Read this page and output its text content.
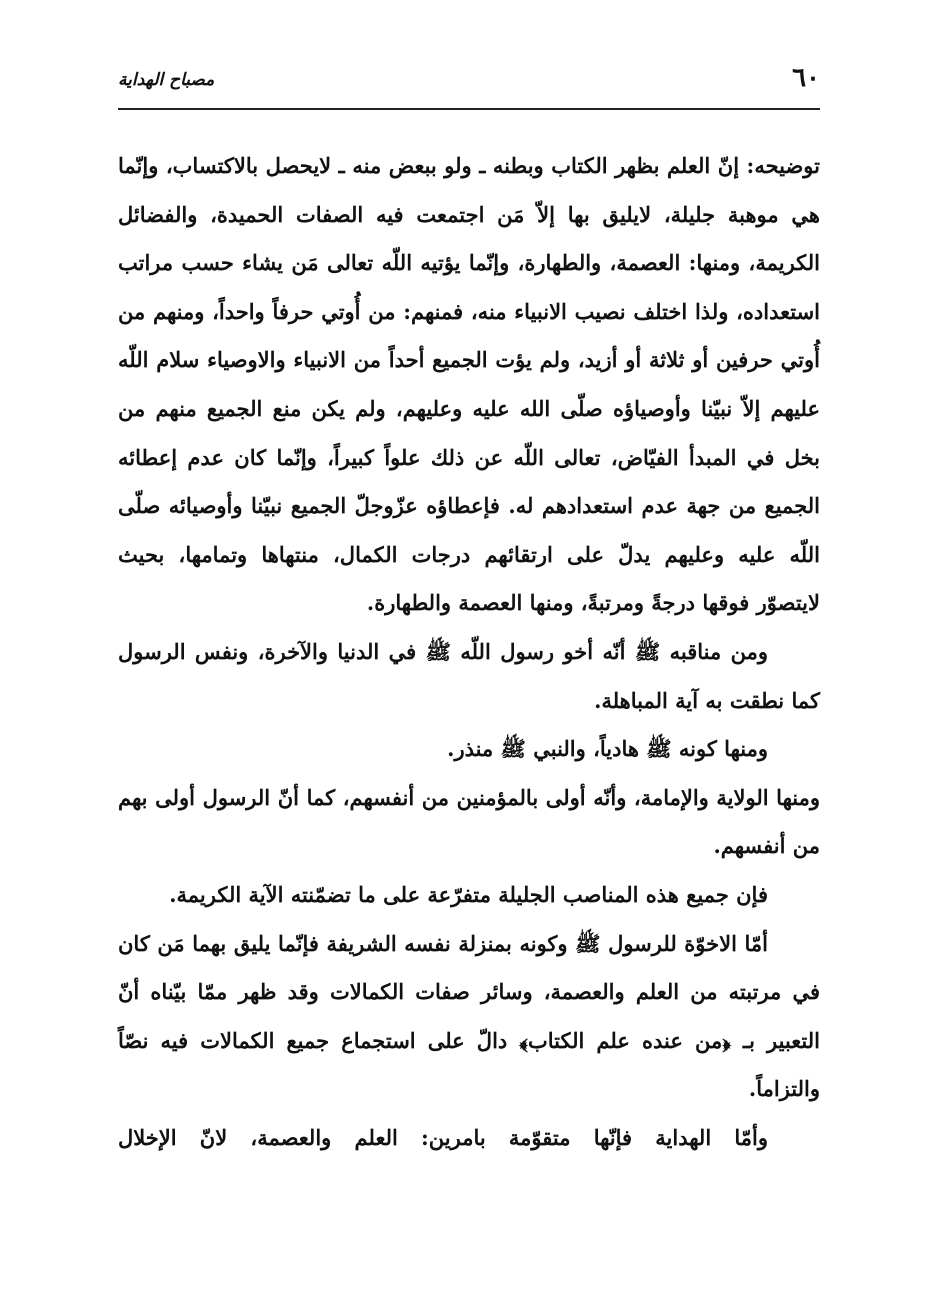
٦٠
مصباح الهداية

توضيحه: إنّ العلم بظهر الكتاب وبطنه ـ ولو ببعض منه ـ لايحصل بالاكتساب، وإنّما هي موهبة جليلة، لايليق بها إلاّ مَن اجتمعت فيه الصفات الحميدة، والفضائل الكريمة، ومنها: العصمة، والطهارة، وإنّما يؤتيه اللّه تعالى مَن يشاء حسب مراتب استعداده، ولذا اختلف نصيب الانبياء منه، فمنهم: من أُوتي حرفاً واحداً، ومنهم من أُوتي حرفين أو ثلاثة أو أزيد، ولم يؤت الجميع أحداً من الانبياء والاوصياء سلام اللّه عليهم إلاّ نبيّنا وأوصياؤه صلّى الله عليه وعليهم، ولم يكن منع الجميع منهم من بخل في المبدأ الفيّاض، تعالى اللّه عن ذلك علواً كبيراً، وإنّما كان عدم إعطائه الجميع من جهة عدم استعدادهم له. فإعطاؤه عزّوجلّ الجميع نبيّنا وأوصيائه صلّى اللّه عليه وعليهم يدلّ على ارتقائهم درجات الكمال، منتهاها وتمامها، بحيث لايتصوّر فوقها درجةً ومرتبةً، ومنها العصمة والطهارة.

ومن مناقبه ﷺ أنّه أخو رسول اللّه ﷺ في الدنيا والآخرة، ونفس الرسول كما نطقت به آية المباهلة.

ومنها كونه ﷺ هادياً، والنبي ﷺ منذر.

ومنها الولاية والإمامة، وأنّه أولى بالمؤمنين من أنفسهم، كما أنّ الرسول أولى بهم من أنفسهم.

فإن جميع هذه المناصب الجليلة متفرّعة على ما تضمّنته الآية الكريمة.

أمّا الاخوّة للرسول ﷺ وكونه بمنزلة نفسه الشريفة فإنّما يليق بهما مَن كان في مرتبته من العلم والعصمة، وسائر صفات الكمالات وقد ظهر ممّا بيّناه أنّ التعبير بـ ﴿من عنده علم الكتاب﴾ دالّ على استجماع جميع الكمالات فيه نصّاً والتزاماً.

وأمّا الهداية فإنّها متقوّمة بامرين: العلم والعصمة، لانّ الإخلال
